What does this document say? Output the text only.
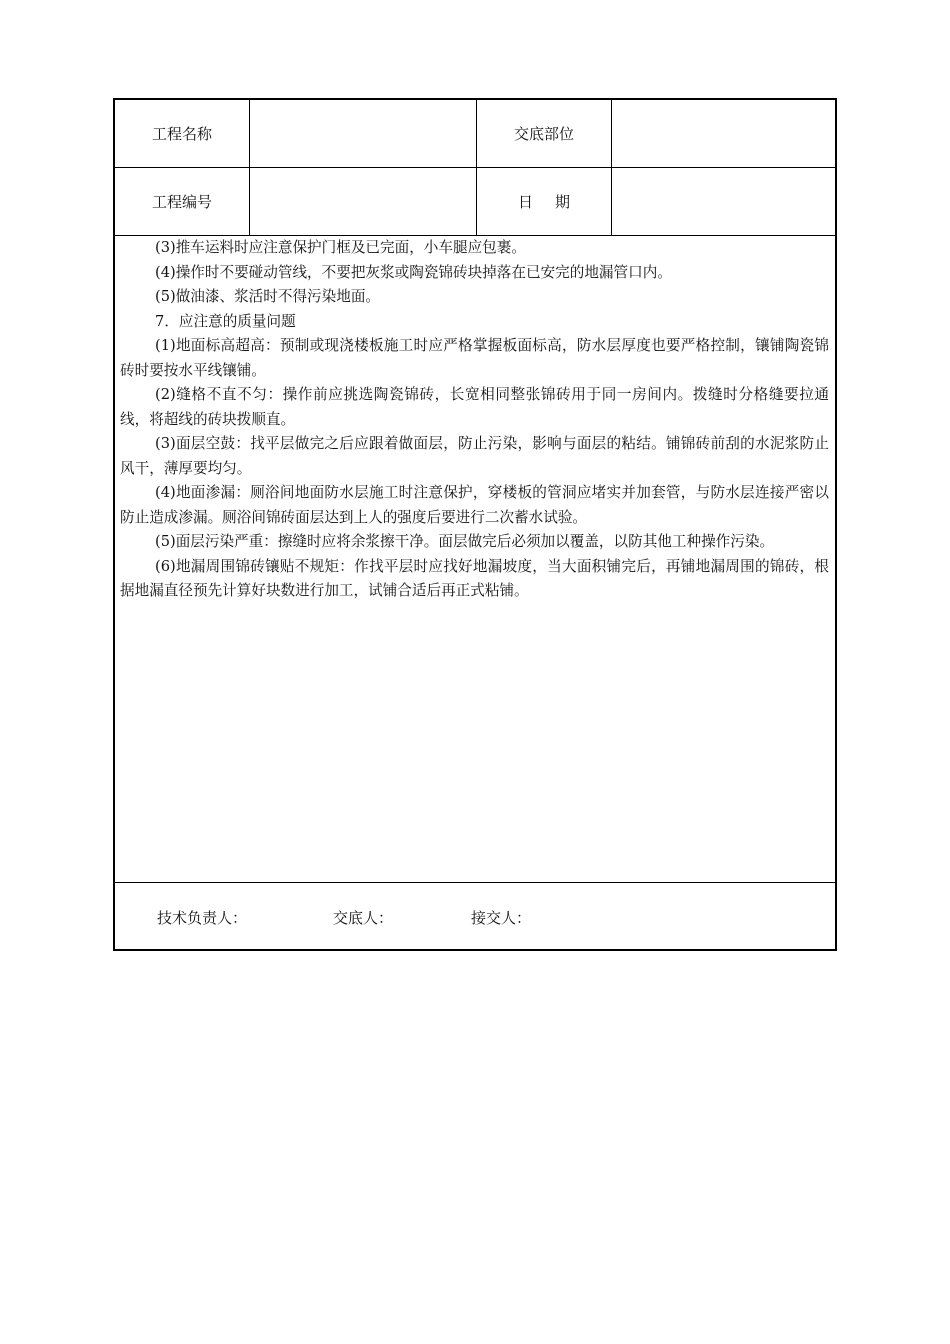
工程名称	交底部位
工程编号	日期

(3)推车运料时应注意保护门框及已完面，小车腿应包裹。

(4)操作时不要碰动管线，不要把灰浆或陶瓷锦砖块掉落在已安完的地漏管口内。

(5)做油漆、浆活时不得污染地面。

7．应注意的质量问题

(1)地面标高超高：预制或现浇楼板施工时应严格掌握板面标高，防水层厚度也要严格控制，镶铺陶瓷锦砖时要按水平线镶铺。

(2)缝格不直不匀：操作前应挑选陶瓷锦砖，长宽相同整张锦砖用于同一房间内。拨缝时分格缝要拉通线，将超线的砖块拨顺直。

(3)面层空鼓：找平层做完之后应跟着做面层，防止污染，影响与面层的粘结。铺锦砖前刮的水泥浆防止风干，薄厚要均匀。

(4)地面渗漏：厕浴间地面防水层施工时注意保护，穿楼板的管洞应堵实并加套管，与防水层连接严密以防止造成渗漏。厕浴间锦砖面层达到上人的强度后要进行二次蓄水试验。

(5)面层污染严重：擦缝时应将余浆擦干净。面层做完后必须加以覆盖，以防其他工种操作污染。

(6)地漏周围锦砖镶贴不规矩：作找平层时应找好地漏坡度，当大面积铺完后，再铺地漏周围的锦砖，根据地漏直径预先计算好块数进行加工，试铺合适后再正式粘铺。

技术负责人：	交底人：	接交人：
